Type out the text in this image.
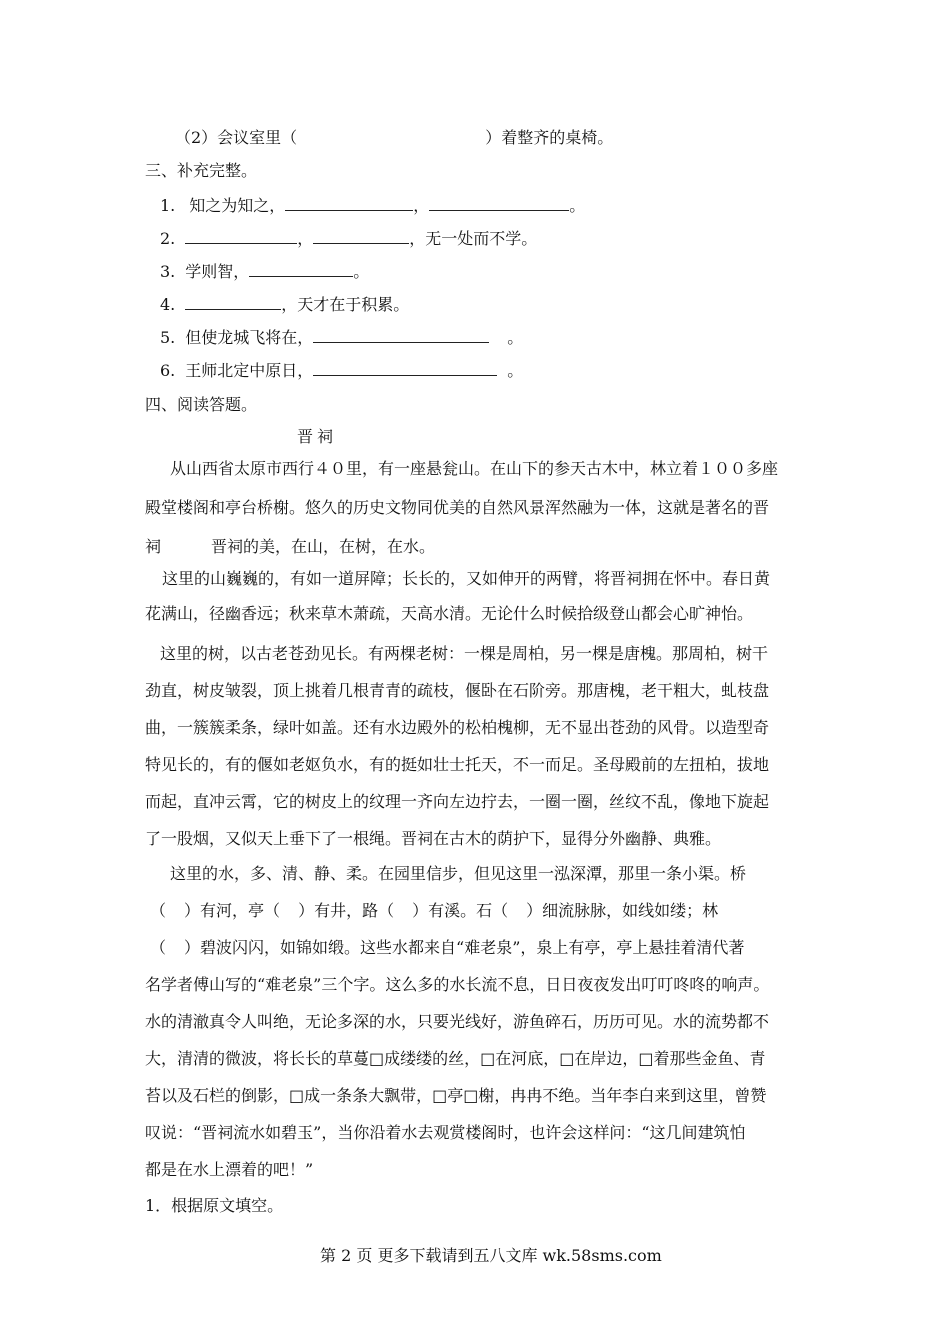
（2）会议室里（	）着整齐的桌椅。
三、补充完整。
1. 知之为知之，	，	。
2.	，	，无一处而不学。
3. 学则智，	。
4.	，天才在于积累。
5. 但使龙城飞将在，	。
6. 王师北定中原日，	。
四、阅读答题。
晋祠
从山西省太原市西行４０里，有一座悬瓮山。在山下的参天古木中，林立着１００多座
殿堂楼阁和亭台桥榭。悠久的历史文物同优美的自然风景浑然融为一体，这就是著名的晋
祠	晋祠的美，在山，在树，在水。
这里的山巍巍的，有如一道屏障；长长的，又如伸开的两臂，将晋祠拥在怀中。春日黄
花满山，径幽香远；秋来草木萧疏，天高水清。无论什么时候拾级登山都会心旷神怡。
这里的树，以古老苍劲见长。有两棵老树：一棵是周柏，另一棵是唐槐。那周柏，树干
劲直，树皮皱裂，顶上挑着几根青青的疏枝，偃卧在石阶旁。那唐槐，老干粗大，虬枝盘
曲，一簇簇柔条，绿叶如盖。还有水边殿外的松柏槐柳，无不显出苍劲的风骨。以造型奇
特见长的，有的偃如老妪负水，有的挺如壮士托天，不一而足。圣母殿前的左扭柏，拔地
而起，直冲云霄，它的树皮上的纹理一齐向左边拧去，一圈一圈，丝纹不乱，像地下旋起
了一股烟，又似天上垂下了一根绳。晋祠在古木的荫护下，显得分外幽静、典雅。
这里的水，多、清、静、柔。在园里信步，但见这里一泓深潭，那里一条小渠。桥
（ ）有河，亭（ ）有井，路（ ）有溪。石（ ）细流脉脉，如线如缕；林
（ ）碧波闪闪，如锦如缎。这些水都来自“难老泉”，泉上有亭，亭上悬挂着清代著
名学者傅山写的“难老泉”三个字。这么多的水长流不息，日日夜夜发出叮叮咚咚的响声。
水的清澈真令人叫绝，无论多深的水，只要光线好，游鱼碎石，历历可见。水的流势都不
大，清清的微波，将长长的草蔓□成缕缕的丝，□在河底，□在岸边，□着那些金鱼、青
苔以及石栏的倒影，□成一条条大飘带，□亭□榭，冉冉不绝。当年李白来到这里，曾赞
叹说：“晋祠流水如碧玉”，当你沿着水去观赏楼阁时，也许会这样问：“这几间建筑怕
都是在水上漂着的吧！”
1．根据原文填空。
第 2 页 更多下载请到五八文库 wk.58sms.com
